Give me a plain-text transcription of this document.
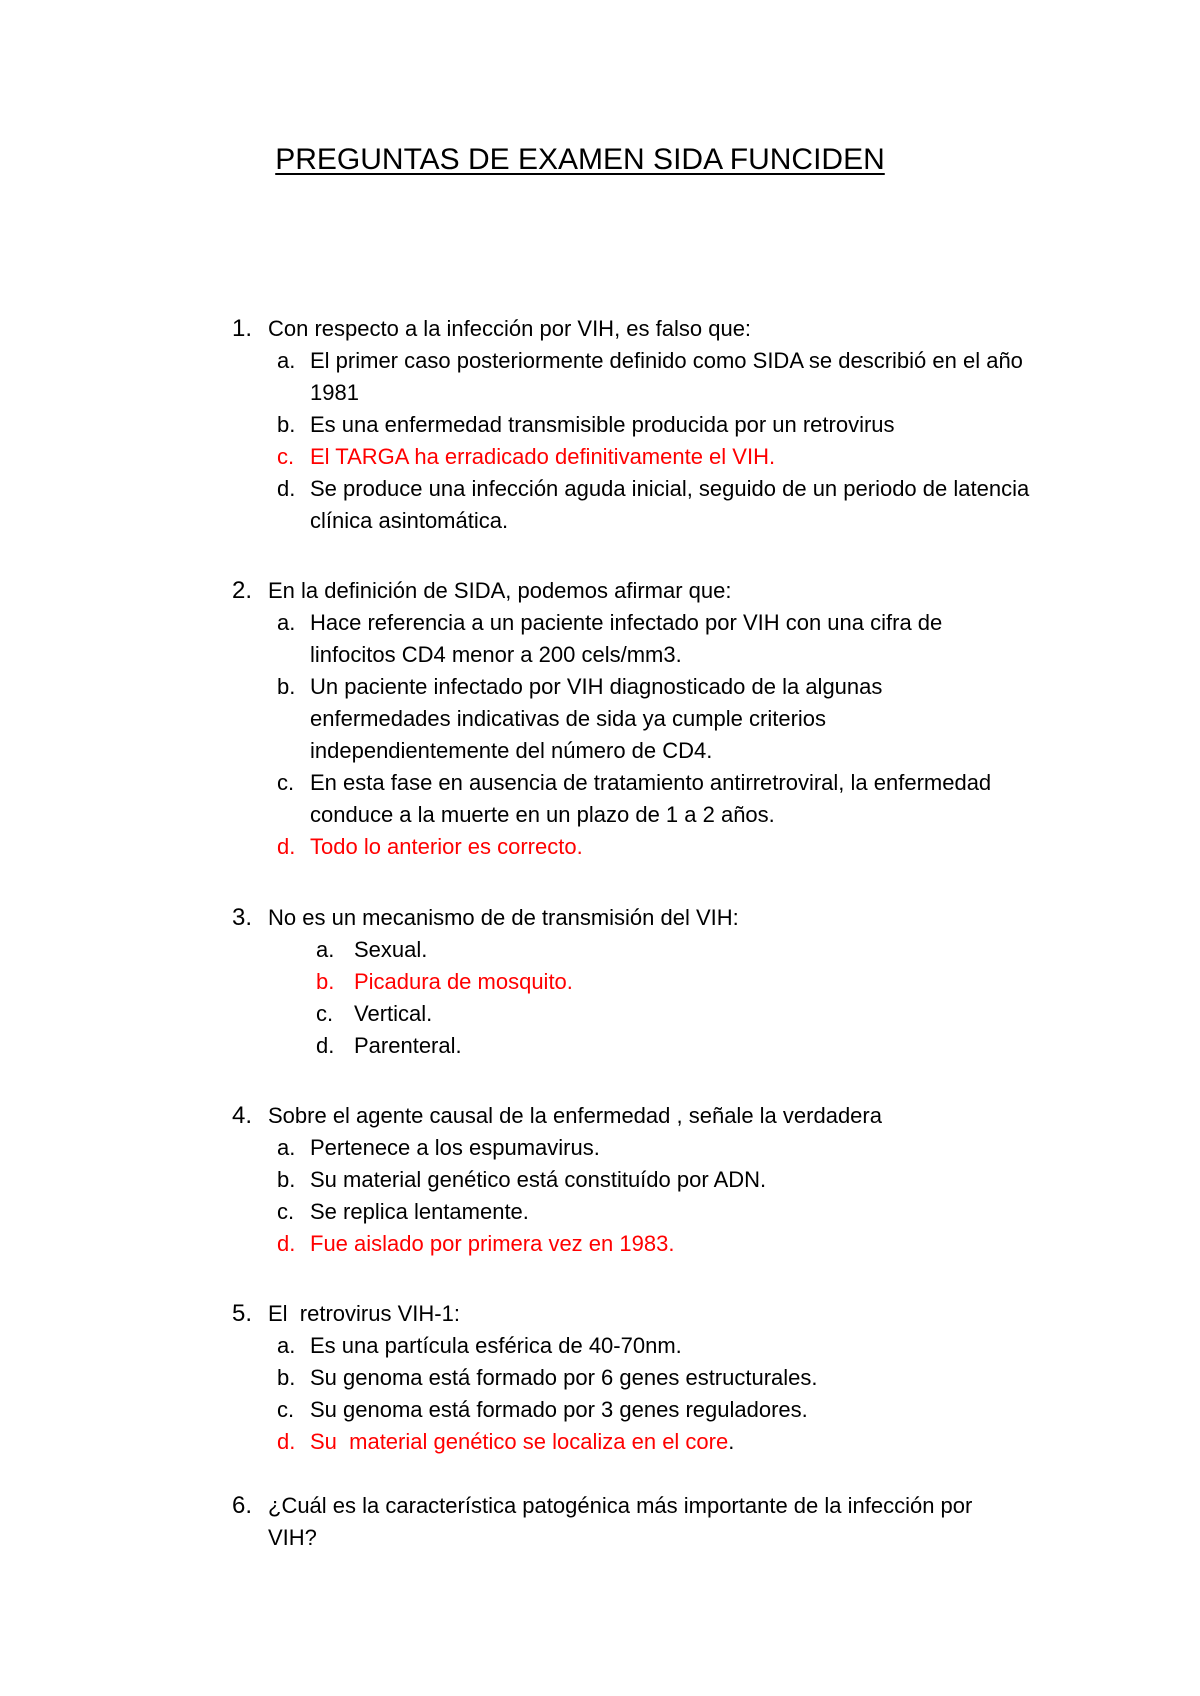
PREGUNTAS DE EXAMEN SIDA FUNCIDEN
1. Con respecto a la infección por VIH, es falso que:
a. El primer caso posteriormente definido como SIDA se describió en el año 1981
b. Es una enfermedad transmisible producida por un retrovirus
c. El TARGA ha erradicado definitivamente el VIH.
d. Se produce una infección aguda inicial, seguido de un periodo de latencia clínica asintomática.
2. En la definición de SIDA, podemos afirmar que:
a. Hace referencia a un paciente infectado por VIH con una cifra de linfocitos CD4 menor a 200 cels/mm3.
b. Un paciente infectado por VIH diagnosticado de la algunas enfermedades indicativas de sida ya cumple criterios independientemente del número de CD4.
c. En esta fase en ausencia de tratamiento antirretroviral, la enfermedad conduce a la muerte en un plazo de 1 a 2 años.
d. Todo lo anterior es correcto.
3. No es un mecanismo de de transmisión del VIH:
a. Sexual.
b. Picadura de mosquito.
c. Vertical.
d. Parenteral.
4. Sobre el agente causal de la enfermedad , señale la verdadera
a. Pertenece a los espumavirus.
b. Su material genético está constituído por ADN.
c. Se replica lentamente.
d. Fue aislado por primera vez en 1983.
5. El  retrovirus VIH-1:
a. Es una partícula esférica de 40-70nm.
b. Su genoma está formado por 6 genes estructurales.
c. Su genoma está formado por 3 genes reguladores.
d. Su  material genético se localiza en el core.
6. ¿Cuál es la característica patogénica más importante de la infección por VIH?
